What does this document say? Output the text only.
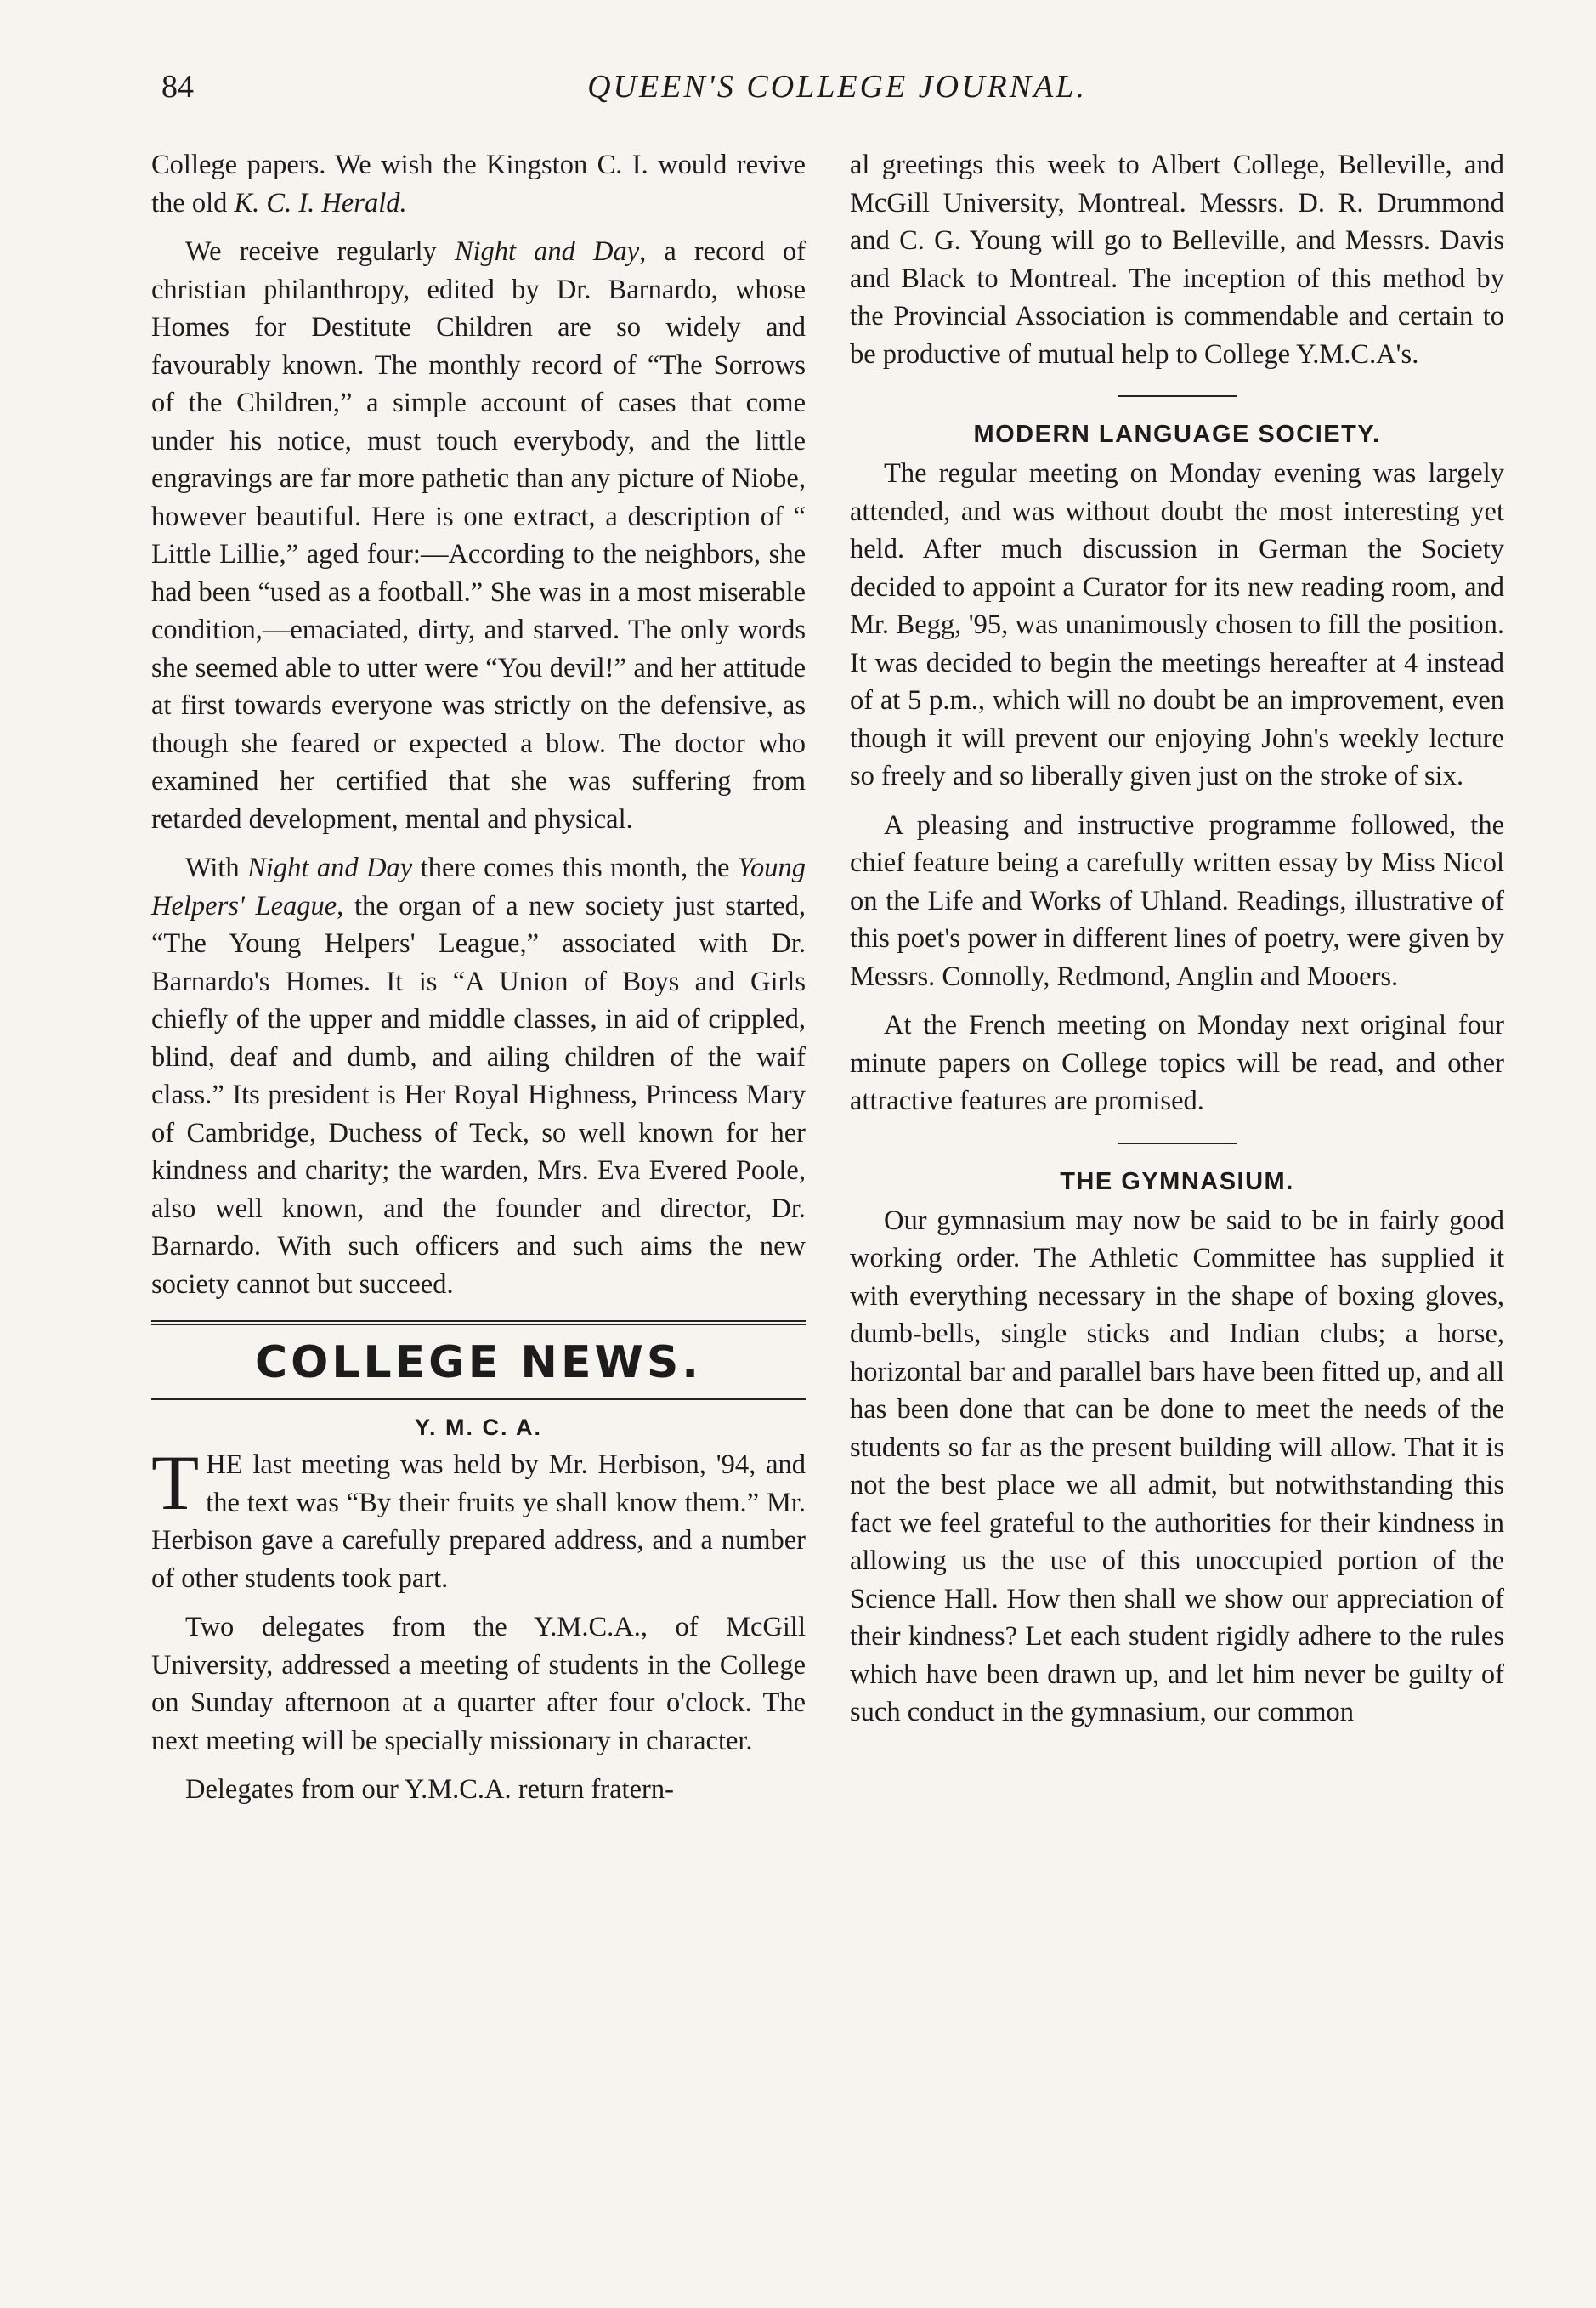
84	QUEEN'S COLLEGE JOURNAL.

College papers. We wish the Kingston C. I. would revive the old K. C. I. Herald.

We receive regularly Night and Day, a record of christian philanthropy, edited by Dr. Barnardo, whose Homes for Destitute Children are so widely and favourably known. The monthly record of “The Sorrows of the Children,” a simple account of cases that come under his notice, must touch everybody, and the little engravings are far more pathetic than any picture of Niobe, however beautiful. Here is one extract, a description of “ Little Lillie,” aged four:—According to the neighbors, she had been “used as a football.” She was in a most miserable condition,—emaciated, dirty, and starved. The only words she seemed able to utter were “You devil!” and her attitude at first towards everyone was strictly on the defensive, as though she feared or expected a blow. The doctor who examined her certified that she was suffering from retarded development, mental and physical.

With Night and Day there comes this month, the Young Helpers' League, the organ of a new society just started, “The Young Helpers' League,” associated with Dr. Barnardo's Homes. It is “A Union of Boys and Girls chiefly of the upper and middle classes, in aid of crippled, blind, deaf and dumb, and ailing children of the waif class.” Its president is Her Royal Highness, Princess Mary of Cambridge, Duchess of Teck, so well known for her kindness and charity; the warden, Mrs. Eva Evered Poole, also well known, and the founder and director, Dr. Barnardo. With such officers and such aims the new society cannot but succeed.

COLLEGE NEWS.
Y. M. C. A.

THE last meeting was held by Mr. Herbison, '94, and the text was “By their fruits ye shall know them.” Mr. Herbison gave a carefully prepared address, and a number of other students took part.

Two delegates from the Y.M.C.A., of McGill University, addressed a meeting of students in the College on Sunday afternoon at a quarter after four o'clock. The next meeting will be specially missionary in character.

Delegates from our Y.M.C.A. return fratern-

al greetings this week to Albert College, Belleville, and McGill University, Montreal. Messrs. D. R. Drummond and C. G. Young will go to Belleville, and Messrs. Davis and Black to Montreal. The inception of this method by the Provincial Association is commendable and certain to be productive of mutual help to College Y.M.C.A's.

MODERN LANGUAGE SOCIETY.

The regular meeting on Monday evening was largely attended, and was without doubt the most interesting yet held. After much discussion in German the Society decided to appoint a Curator for its new reading room, and Mr. Begg, '95, was unanimously chosen to fill the position. It was decided to begin the meetings hereafter at 4 instead of at 5 p.m., which will no doubt be an improvement, even though it will prevent our enjoying John's weekly lecture so freely and so liberally given just on the stroke of six.

A pleasing and instructive programme followed, the chief feature being a carefully written essay by Miss Nicol on the Life and Works of Uhland. Readings, illustrative of this poet's power in different lines of poetry, were given by Messrs. Connolly, Redmond, Anglin and Mooers.

At the French meeting on Monday next original four minute papers on College topics will be read, and other attractive features are promised.

THE GYMNASIUM.

Our gymnasium may now be said to be in fairly good working order. The Athletic Committee has supplied it with everything necessary in the shape of boxing gloves, dumb-bells, single sticks and Indian clubs; a horse, horizontal bar and parallel bars have been fitted up, and all has been done that can be done to meet the needs of the students so far as the present building will allow. That it is not the best place we all admit, but notwithstanding this fact we feel grateful to the authorities for their kindness in allowing us the use of this unoccupied portion of the Science Hall. How then shall we show our appreciation of their kindness? Let each student rigidly adhere to the rules which have been drawn up, and let him never be guilty of such conduct in the gymnasium, our common
